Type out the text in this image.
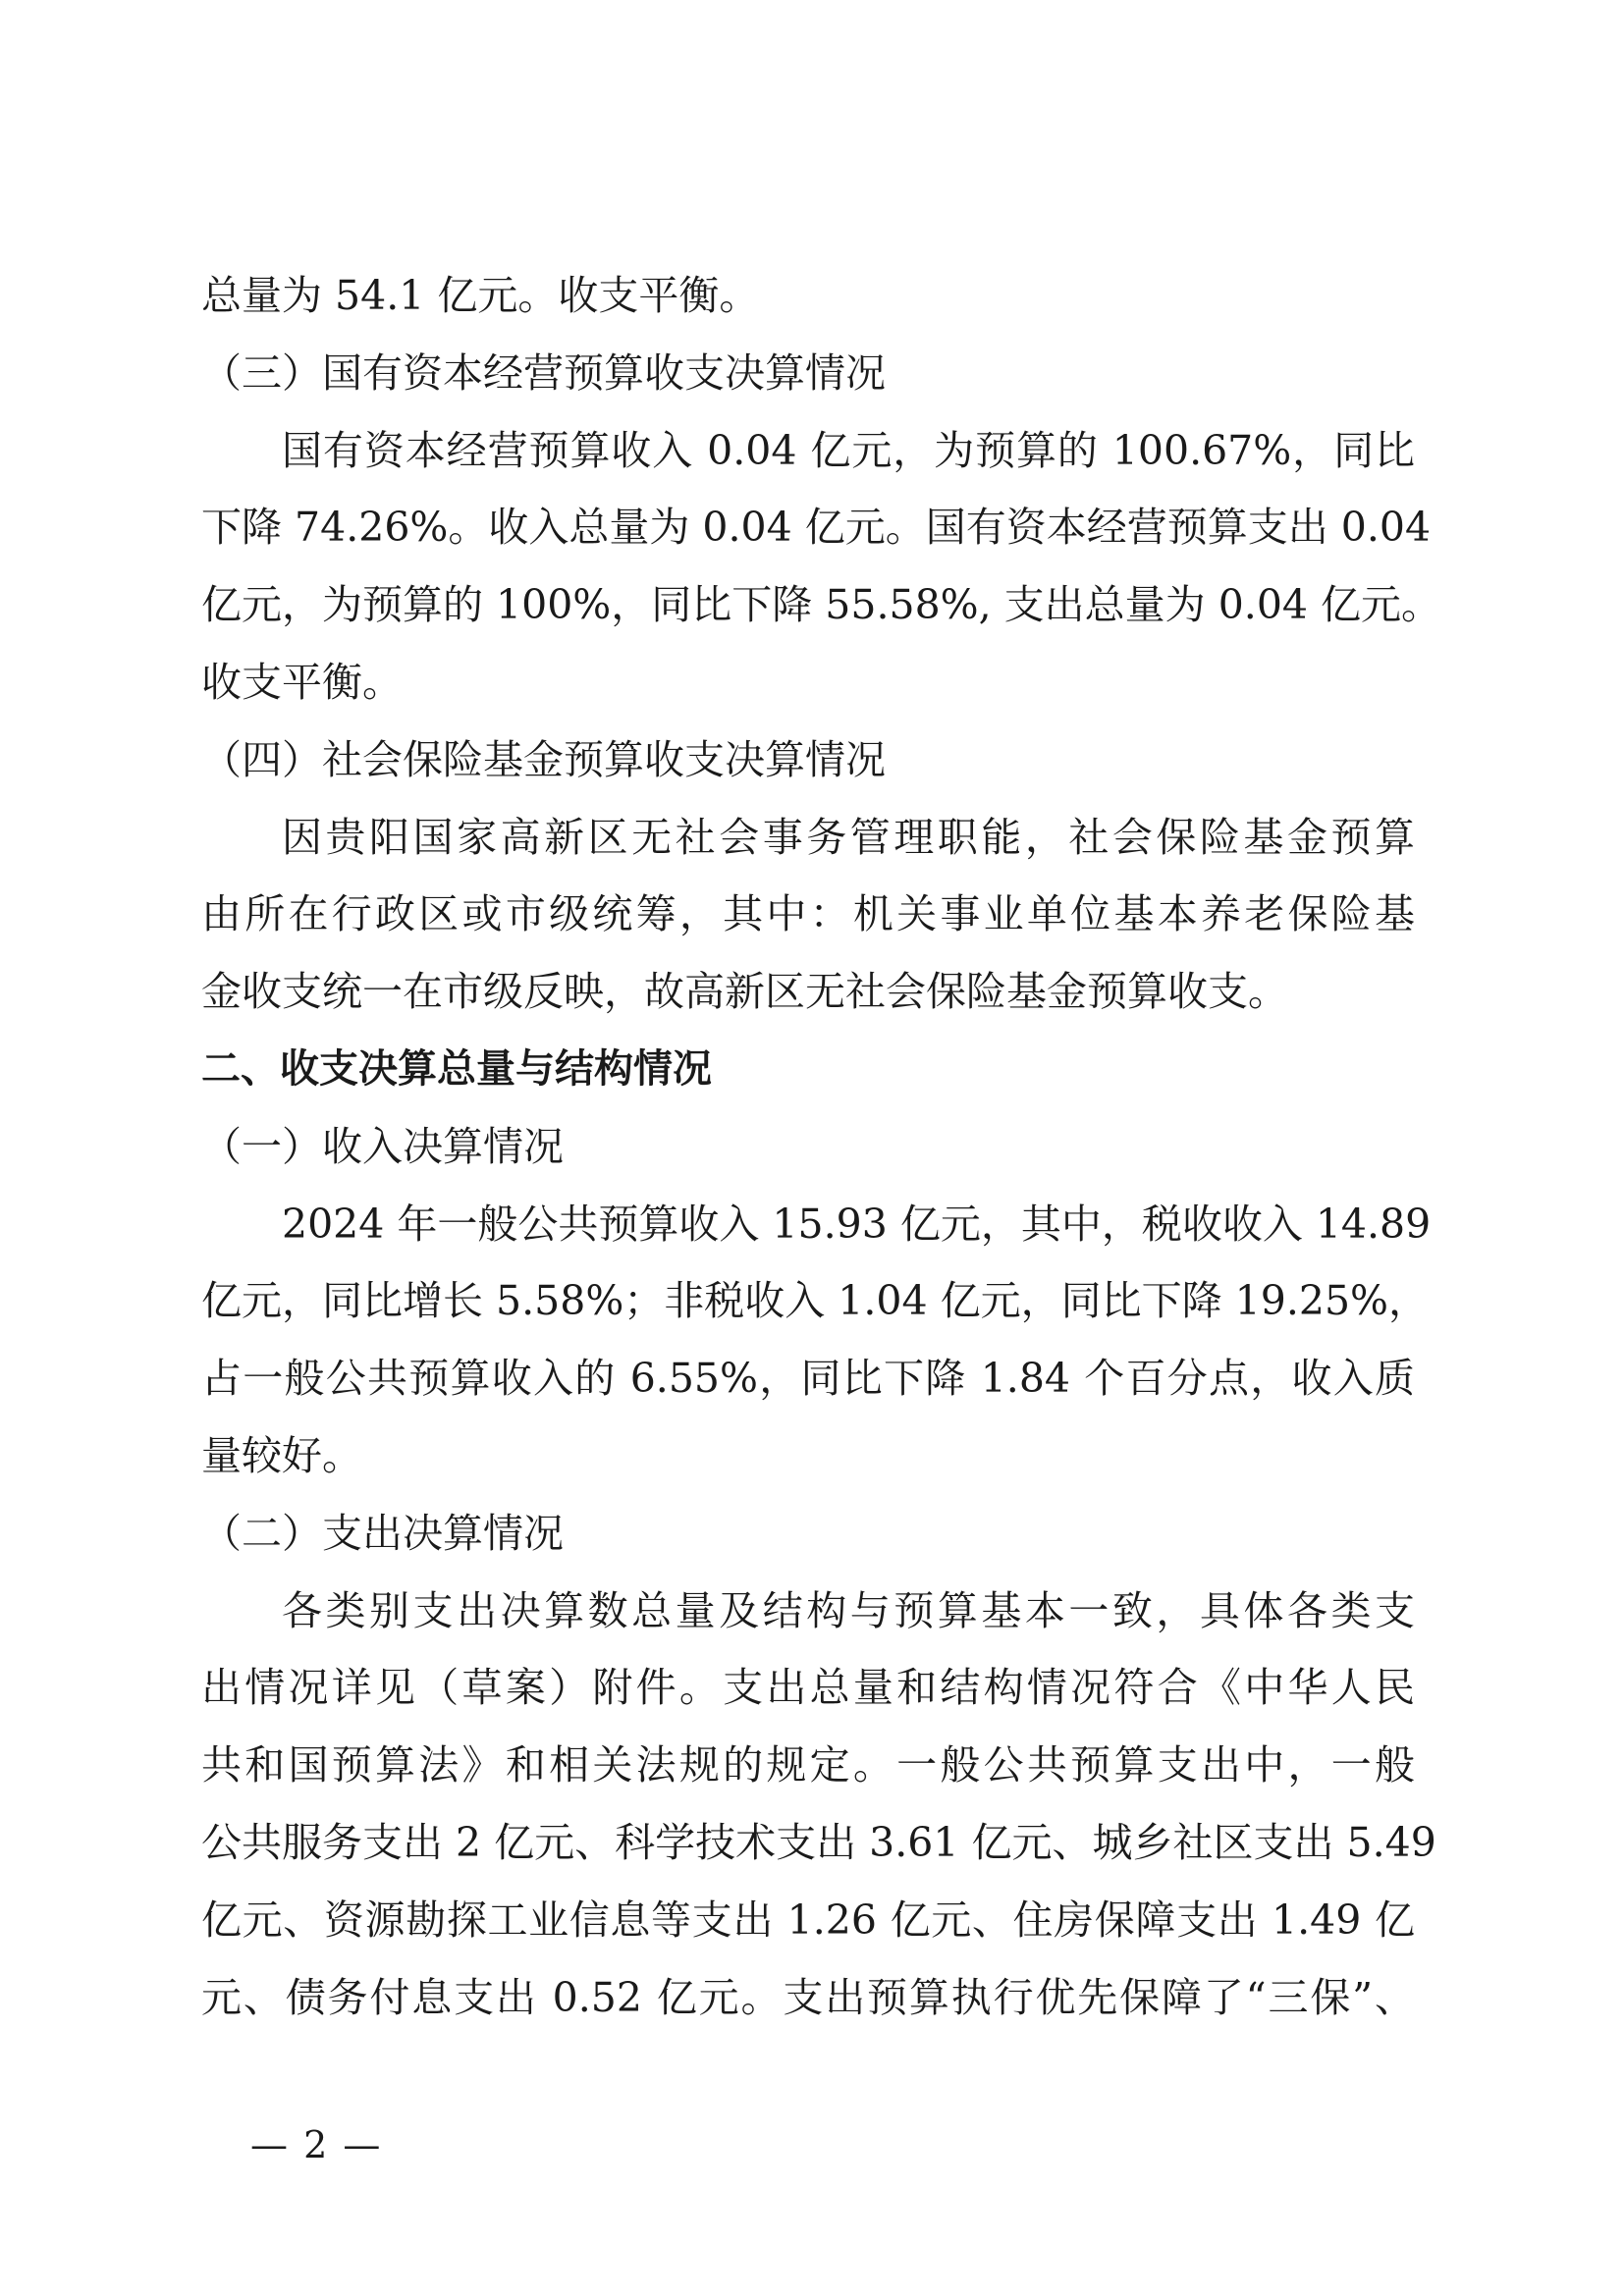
总量为 54.1 亿元。收支平衡。

（三）国有资本经营预算收支决算情况

国有资本经营预算收入 0.04 亿元，为预算的 100.67%，同比
下降 74.26%。收入总量为 0.04 亿元。国有资本经营预算支出 0.04
亿元，为预算的 100%，同比下降 55.58%, 支出总量为 0.04 亿元。
收支平衡。

（四）社会保险基金预算收支决算情况

因贵阳国家高新区无社会事务管理职能，社会保险基金预算
由所在行政区或市级统筹，其中：机关事业单位基本养老保险基
金收支统一在市级反映，故高新区无社会保险基金预算收支。

二、收支决算总量与结构情况

（一）收入决算情况

2024 年一般公共预算收入 15.93 亿元，其中，税收收入 14.89
亿元，同比增长 5.58%；非税收入 1.04 亿元，同比下降 19.25%，
占一般公共预算收入的 6.55%，同比下降 1.84 个百分点，收入质
量较好。

（二）支出决算情况

各类别支出决算数总量及结构与预算基本一致，具体各类支
出情况详见（草案）附件。支出总量和结构情况符合《中华人民
共和国预算法》和相关法规的规定。一般公共预算支出中，一般
公共服务支出 2 亿元、科学技术支出 3.61 亿元、城乡社区支出 5.49
亿元、资源勘探工业信息等支出 1.26 亿元、住房保障支出 1.49 亿
元、债务付息支出 0.52 亿元。支出预算执行优先保障了“三保”、

— 2 —
